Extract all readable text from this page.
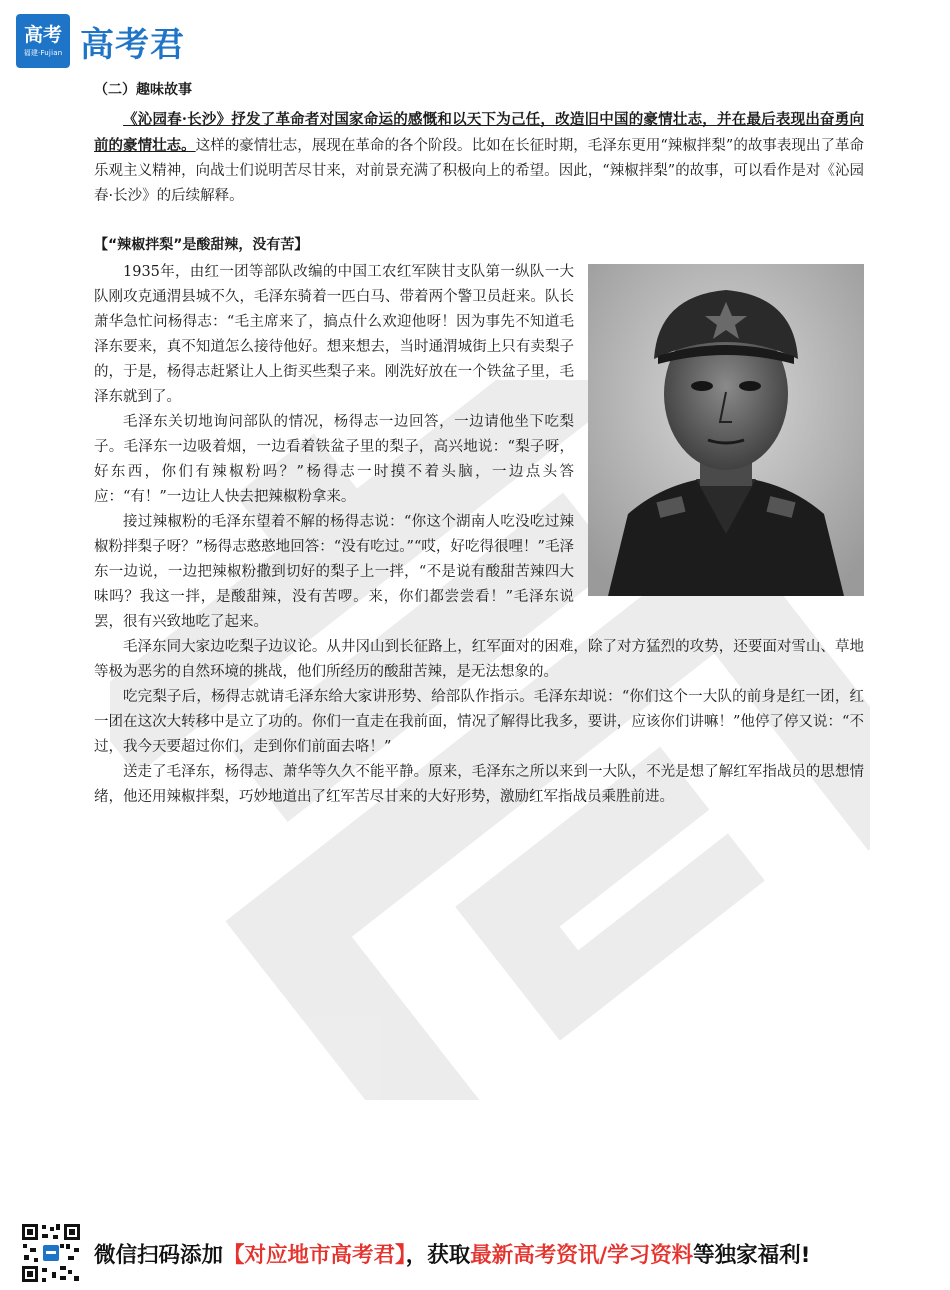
高考
福建·Fujian 高考君
（二）趣味故事

《沁园春·长沙》抒发了革命者对国家命运的感慨和以天下为己任，改造旧中国的豪情壮志，并在最后表现出奋勇向前的豪情壮志。这样的豪情壮志，展现在革命的各个阶段。比如在长征时期，毛泽东更用“辣椒拌梨”的故事表现出了革命乐观主义精神，向战士们说明苦尽甘来，对前景充满了积极向上的希望。因此，“辣椒拌梨”的故事，可以看作是对《沁园春·长沙》的后续解释。

【“辣椒拌梨”是酸甜辣，没有苦】

1935年，由红一团等部队改编的中国工农红军陕甘支队第一纵队一大队刚攻克通渭县城不久，毛泽东骑着一匹白马、带着两个警卫员赶来。队长萧华急忙问杨得志：“毛主席来了，搞点什么欢迎他呀！因为事先不知道毛泽东要来，真不知道怎么接待他好。想来想去，当时通渭城街上只有卖梨子的，于是，杨得志赶紧让人上街买些梨子来。刚洗好放在一个铁盆子里，毛泽东就到了。

毛泽东关切地询问部队的情况，杨得志一边回答，一边请他坐下吃梨子。毛泽东一边吸着烟，一边看着铁盆子里的梨子，高兴地说：“梨子呀，好东西，你们有辣椒粉吗？”杨得志一时摸不着头脑，一边点头答应：“有！”一边让人快去把辣椒粉拿来。

接过辣椒粉的毛泽东望着不解的杨得志说：“你这个湖南人吃没吃过辣椒粉拌梨子呀？”杨得志憨憨地回答：“没有吃过。”“哎，好吃得很哩！”毛泽东一边说，一边把辣椒粉撒到切好的梨子上一拌，“不是说有酸甜苦辣四大味吗？我这一拌，是酸甜辣，没有苦啰。来，你们都尝尝看！”毛泽东说罢，很有兴致地吃了起来。

毛泽东同大家边吃梨子边议论。从井冈山到长征路上，红军面对的困难，除了对方猛烈的攻势，还要面对雪山、草地等极为恶劣的自然环境的挑战，他们所经历的酸甜苦辣，是无法想象的。

吃完梨子后，杨得志就请毛泽东给大家讲形势、给部队作指示。毛泽东却说：“你们这个一大队的前身是红一团，红一团在这次大转移中是立了功的。你们一直走在我前面，情况了解得比我多，要讲，应该你们讲嘛！”他停了停又说：“不过，我今天要超过你们，走到你们前面去咯！”

送走了毛泽东，杨得志、萧华等久久不能平静。原来，毛泽东之所以来到一大队，不光是想了解红军指战员的思想情绪，他还用辣椒拌梨，巧妙地道出了红军苦尽甘来的大好形势，激励红军指战员乘胜前进。

微信扫码添加【对应地市高考君】，获取最新高考资讯/学习资料等独家福利!
